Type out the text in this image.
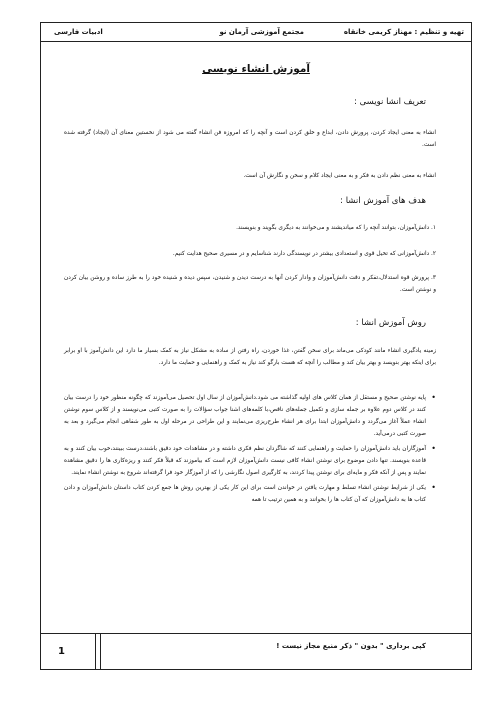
تهیه و تنظیم : مهناز کریمی خانقاه
مجتمع آموزشی آرمان نو
ادبیات فارسی
آموزش انشاء نویسی
تعریف انشا نویسی :
انشاء به معنی ایجاد کردن، پرورش دادن، ابداع و خلق کردن است و آنچه را که امروزه فن انشاء گفته می شود از نخستین معنای آن (ایجاد) گرفته شده است.
انشاء به معنی نظم دادن به فکر و به معنی ایجاد کلام و سخن و نگارش آن است.
هدف های آموزش انشا :
۱. دانش‌آموزان، بتوانند آنچه را که میاندیشند و می‌خوانند به دیگری بگویند و بنویسند.
۲. دانش‌آموزانی که تخیل قوی و استعدادی بیشتر در نویسندگی دارند شناسایم و در مسیری صحیح هدایت کنیم.
۳. پرورش قوه استدلال،تفکر و دقت دانش‌آموزان و وادار کردن آنها به درست دیدن و شنیدن، سپس دیده و شنیده خود را به طرز ساده و روشن بیان کردن و نوشتن است.
روش آموزش انشا :
زمینه یادگیری انشاء مانند کودکی می‌ماند برای سخن گفتن، غذا خوردن، راه رفتن از ساده به مشکل نیاز به کمک بسیار ما دارد این دانش‌آموز با او برابر برای اینکه بهتر بنویسد و بهتر بیان کند و مطالب را آنچه که هست بارگو کند نیاز به کمک و راهنمایی و حمایت ما دارد.
• پایه نوشتن صحیح و مستقل از همان کلاس های اولیه گذاشته می شود.دانش‌آموزان از سال اول تحصیل می‌آموزند که چگونه منظور خود را درست بیان کنند در کلاس دوم علاوه بر جمله سازی و تکمیل جمله‌های ناقص،با کلمه‌های اشنا جواب سؤالات را به صورت کتبی می‌نویسند و از کلاس سوم نوشتن انشاء عملاً آغاز می‌گردد و دانش‌آموزان ابتدا برای هر انشاء طرح‌ریزی می‌نمایند و این طراحی در مرحله اول به طور شفاهی انجام می‌گیرد و بعد به صورت کتبی درمی‌آید.
• آموزگاران باید دانش‌آموزان را حمایت و راهنمایی کنند که شاگردان نظم فکری داشته و در مشاهدات خود دقیق باشند،درست ببینند،خوب بیان کنند و به قاعده بنویسند. تنها دادن موضوع برای نوشتن انشاء کافی نیست دانش‌آموزان لازم است که بیاموزند که قبلاً فکر کنند و ریزه‌کاری ها را دقیق مشاهده نمایند و پس از آنکه فکر و مایه‌ای برای نوشتن پیدا کردند، به کارگیری اصول نگارشی را که از آموزگار خود فرا گرفته‌اند شروع به نوشتن انشاء نمایند.
• یکی از شرایط نوشتن انشاء تسلط و مهارت یافتن در خواندن است برای این کار یکی از بهترین روش ها جمع کردن کتاب داستان دانش‌آموزان و دادن کتاب ها به دانش‌آموزان که آن کتاب ها را بخوانند و به همین ترتیب تا همه
1	کپی برداری " بدون " ذکر منبع مجاز نیست !
